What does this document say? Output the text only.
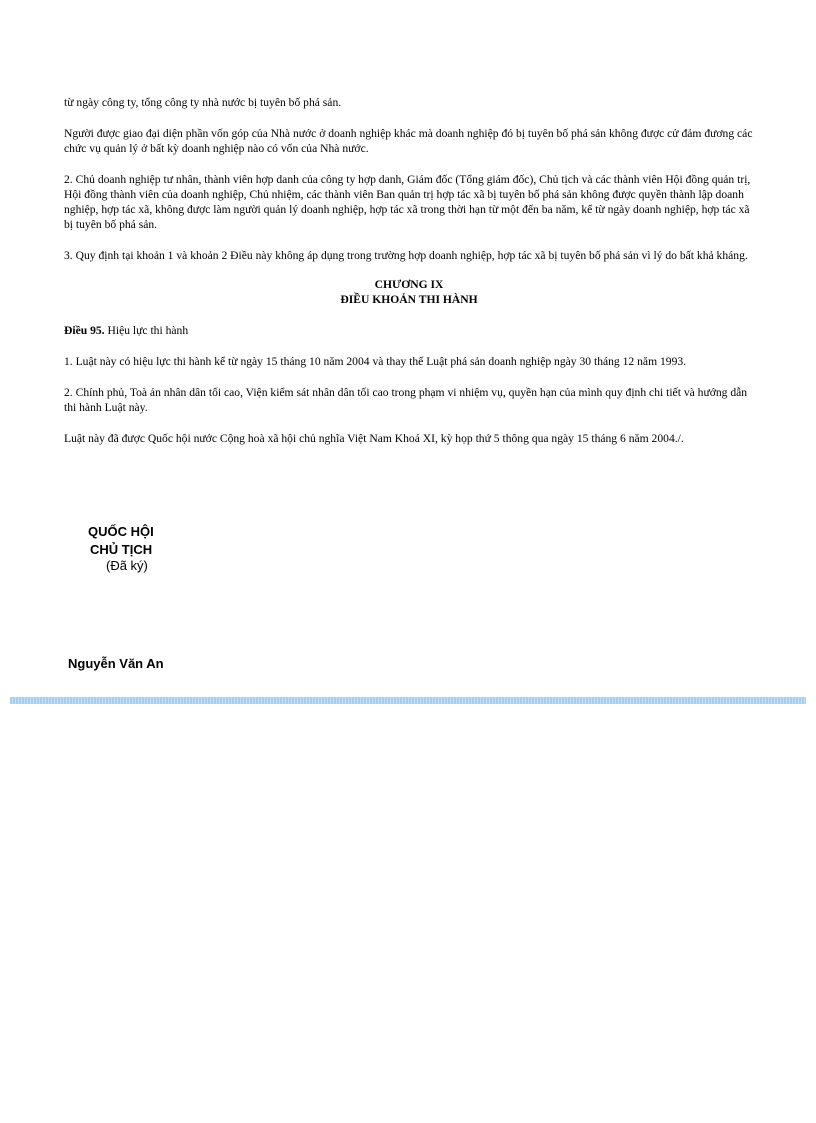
từ ngày công ty, tổng công ty nhà nước bị tuyên bố phá sản.

Người được giao đại diện phần vốn góp của Nhà nước ở doanh nghiệp khác mà doanh nghiệp đó bị tuyên bố phá sản không được cử đảm đương các chức vụ quản lý ở bất kỳ doanh nghiệp nào có vốn của Nhà nước.

2. Chủ doanh nghiệp tư nhân, thành viên hợp danh của công ty hợp danh, Giám đốc (Tổng giám đốc), Chủ tịch và các thành viên Hội đồng quản trị, Hội đồng thành viên của doanh nghiệp, Chủ nhiệm, các thành viên Ban quản trị hợp tác xã bị tuyên bố phá sản không được quyền thành lập doanh nghiệp, hợp tác xã, không được làm người quản lý doanh nghiệp, hợp tác xã trong thời hạn từ một đến ba năm, kể từ ngày doanh nghiệp, hợp tác xã bị tuyên bố phá sản.

3. Quy định tại khoản 1 và khoản 2 Điều này không áp dụng trong trường hợp doanh nghiệp, hợp tác xã bị tuyên bố phá sản vì lý do bất khả kháng.

CHƯƠNG IX

ĐIỀU KHOẢN THI HÀNH

Điều 95. Hiệu lực thi hành

1. Luật này có hiệu lực thi hành kể từ ngày 15 tháng 10 năm 2004 và thay thế Luật phá sản doanh nghiệp ngày 30 tháng 12 năm 1993.

2. Chính phủ, Toà án nhân dân tối cao, Viện kiểm sát nhân dân tối cao trong phạm vi nhiệm vụ, quyền hạn của mình quy định chi tiết và hướng dẫn thi hành Luật này.

Luật này đã được Quốc hội nước Cộng hoà xã hội chủ nghĩa Việt Nam Khoá XI, kỳ họp thứ 5 thông qua ngày 15 tháng 6 năm 2004./.

QUỐC HỘI
CHỦ TỊCH
(Đã ký)
Nguyễn Văn An
